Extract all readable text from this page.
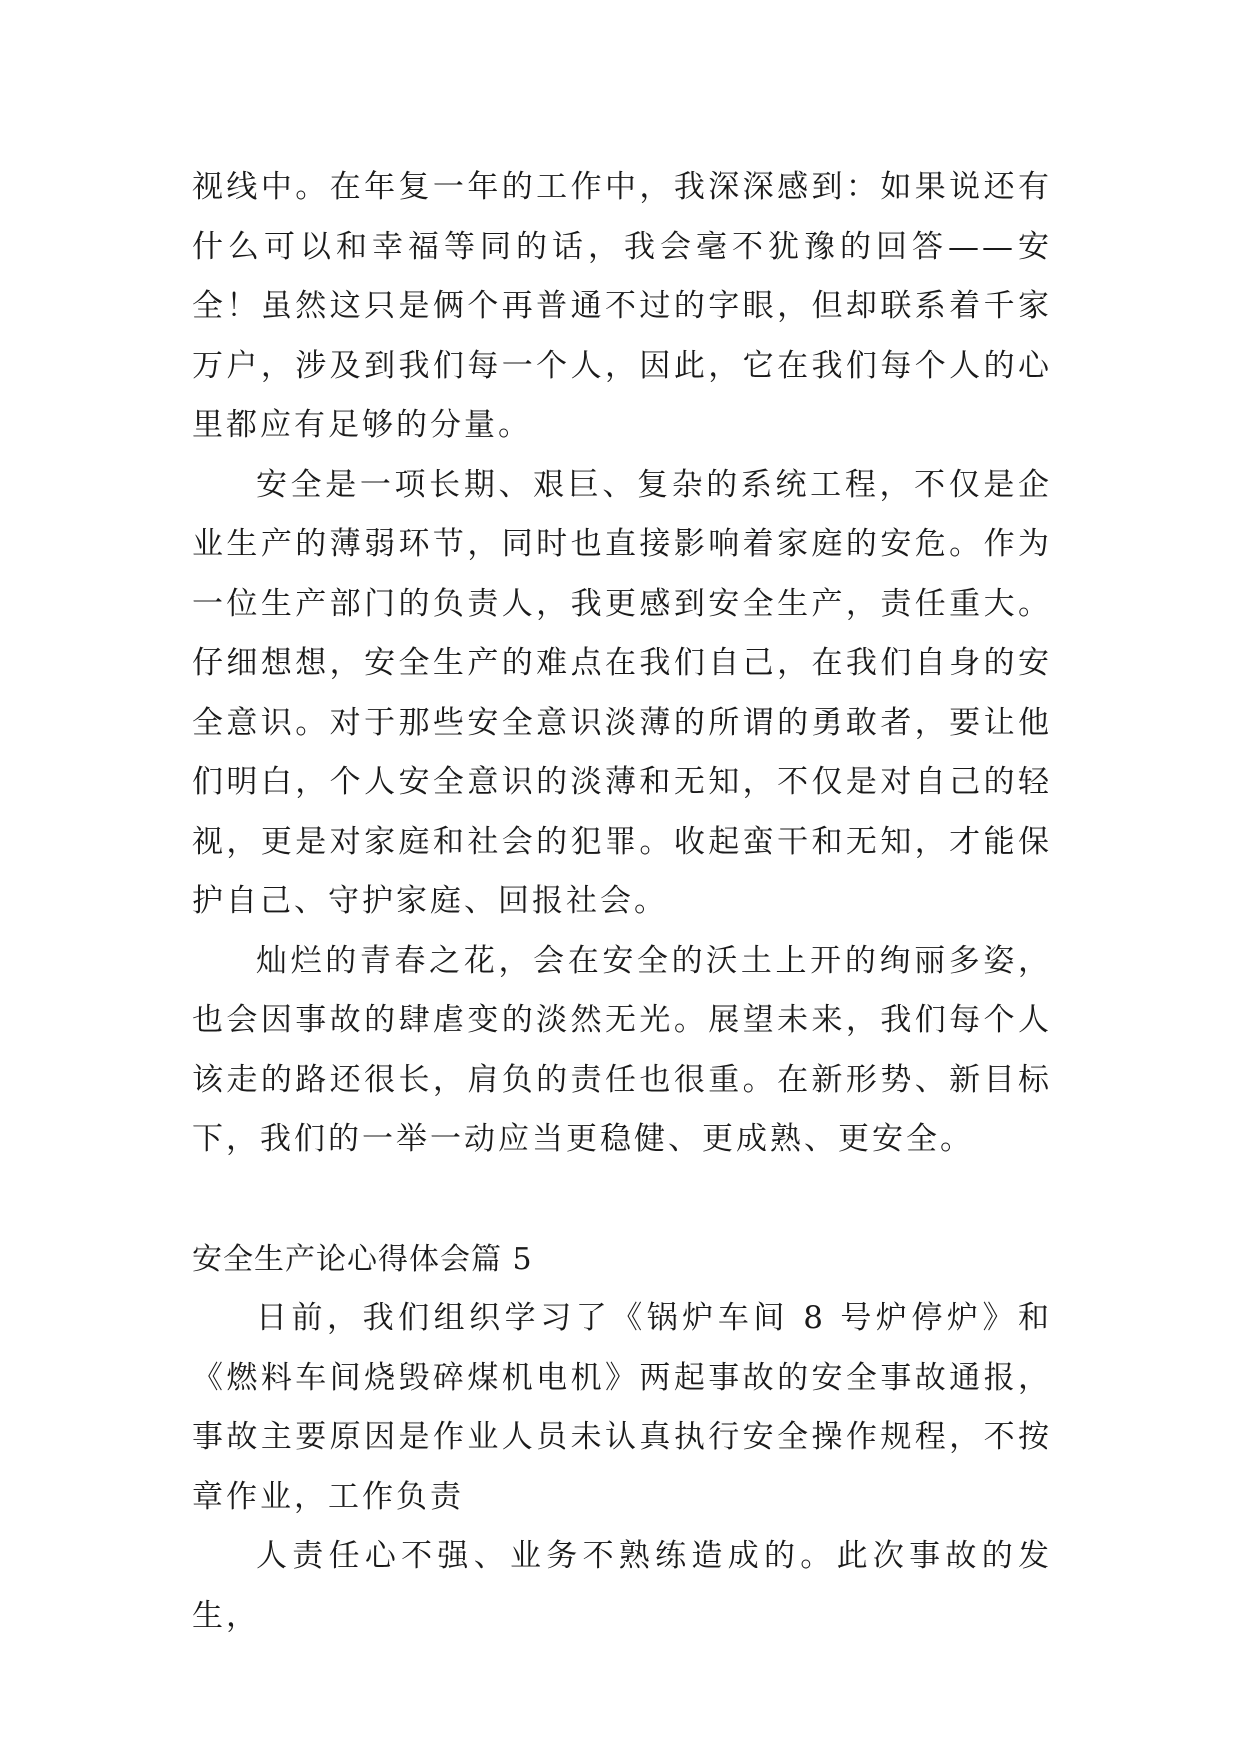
视线中。在年复一年的工作中，我深深感到：如果说还有什么可以和幸福等同的话，我会毫不犹豫的回答——安全！虽然这只是俩个再普通不过的字眼，但却联系着千家万户，涉及到我们每一个人，因此，它在我们每个人的心里都应有足够的分量。

安全是一项长期、艰巨、复杂的系统工程，不仅是企业生产的薄弱环节，同时也直接影响着家庭的安危。作为一位生产部门的负责人，我更感到安全生产，责任重大。仔细想想，安全生产的难点在我们自己，在我们自身的安全意识。对于那些安全意识淡薄的所谓的勇敢者，要让他们明白，个人安全意识的淡薄和无知，不仅是对自己的轻视，更是对家庭和社会的犯罪。收起蛮干和无知，才能保护自己、守护家庭、回报社会。

灿烂的青春之花，会在安全的沃土上开的绚丽多姿，也会因事故的肆虐变的淡然无光。展望未来，我们每个人该走的路还很长，肩负的责任也很重。在新形势、新目标下，我们的一举一动应当更稳健、更成熟、更安全。

安全生产论心得体会篇 5

日前，我们组织学习了《锅炉车间 8 号炉停炉》和《燃料车间烧毁碎煤机电机》两起事故的安全事故通报，事故主要原因是作业人员未认真执行安全操作规程，不按章作业，工作负责

人责任心不强、业务不熟练造成的。此次事故的发生，
